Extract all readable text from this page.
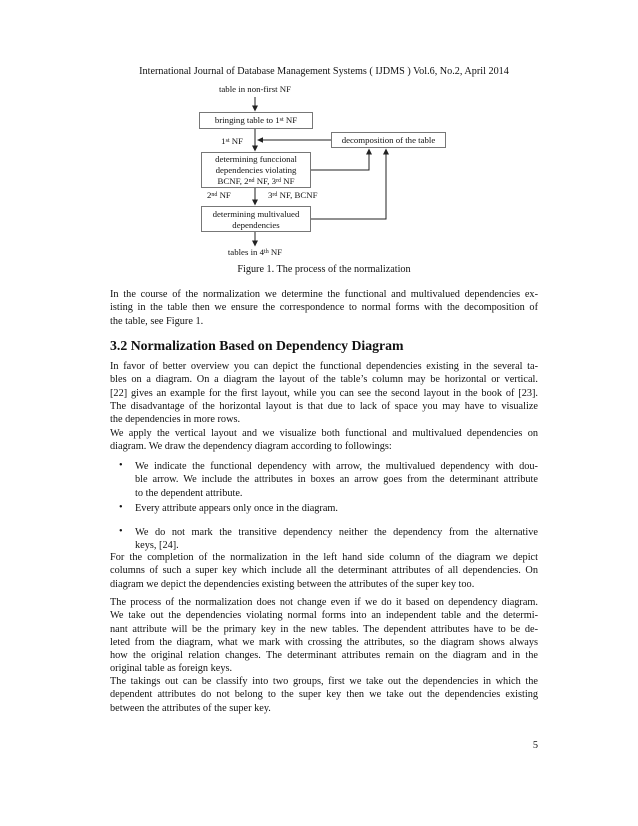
International Journal of Database Management Systems ( IJDMS ) Vol.6, No.2, April 2014
table in non-first NF
bringing table to 1st NF
1st NF	decomposition of the table
determining funccional
dependencies violating
BCNF, 2nd NF, 3rd NF
2nd NF	3rd NF, BCNF
determining multivalued
dependencies
tables in 4th NF
Figure 1. The process of the normalization
In the course of the normalization we determine the functional and multivalued dependencies ex-
isting in the table then we ensure the correspondence to normal forms with the decomposition of
the table, see Figure 1.
3.2 Normalization Based on Dependency Diagram
In favor of better overview you can depict the functional dependencies existing in the several ta-
bles on a diagram. On a diagram the layout of the table’s column may be horizontal or vertical.
[22] gives an example for the first layout, while you can see the second layout in the book of [23].
The disadvantage of the horizontal layout is that due to lack of space you may have to visualize
the dependencies in more rows.
We apply the vertical layout and we visualize both functional and multivalued dependencies on
diagram. We draw the dependency diagram according to followings:
• We indicate the functional dependency with arrow, the multivalued dependency with dou-
ble arrow. We include the attributes in boxes an arrow goes from the determinant attribute
to the dependent attribute.
• Every attribute appears only once in the diagram.
• We do not mark the transitive dependency neither the dependency from the alternative
keys, [24].
For the completion of the normalization in the left hand side column of the diagram we depict
columns of such a super key which include all the determinant attributes of all dependencies. On
diagram we depict the dependencies existing between the attributes of the super key too.
The process of the normalization does not change even if we do it based on dependency diagram.
We take out the dependencies violating normal forms into an independent table and the determi-
nant attribute will be the primary key in the new tables. The dependent attributes have to be de-
leted from the diagram, what we mark with crossing the attributes, so the diagram shows always
how the original relation changes. The determinant attributes remain on the diagram and in the
original table as foreign keys.
The takings out can be classify into two groups, first we take out the dependencies in which the
dependent attributes do not belong to the super key then we take out the dependencies existing
between the attributes of the super key.
5
